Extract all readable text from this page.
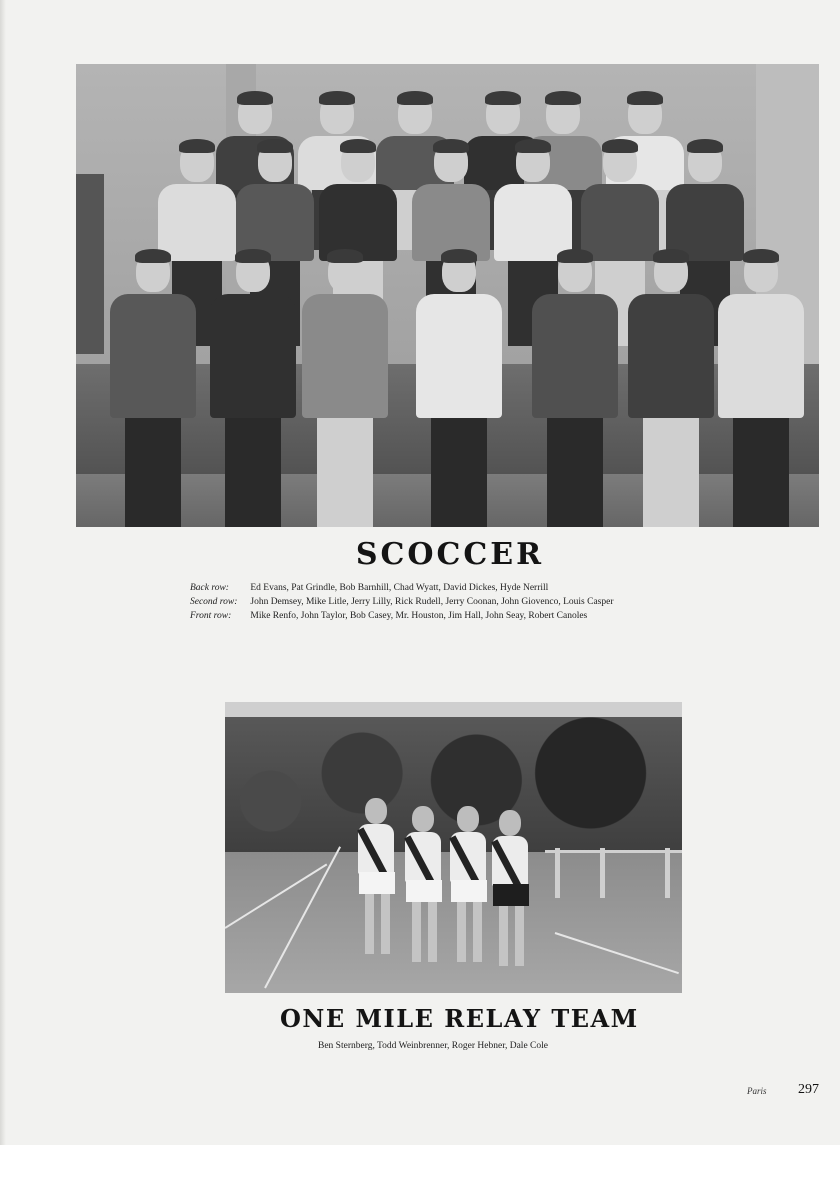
SCOCCER
Back row: Ed Evans, Pat Grindle, Bob Barnhill, Chad Wyatt, David Dickes, Hyde Nerrill
Second row: John Demsey, Mike Litle, Jerry Lilly, Rick Rudell, Jerry Coonan, John Giovenco, Louis Casper
Front row: Mike Renfo, John Taylor, Bob Casey, Mr. Houston, Jim Hall, John Seay, Robert Canoles
ONE MILE RELAY TEAM
Ben Sternberg, Todd Weinbrenner, Roger Hebner, Dale Cole
Paris 297
